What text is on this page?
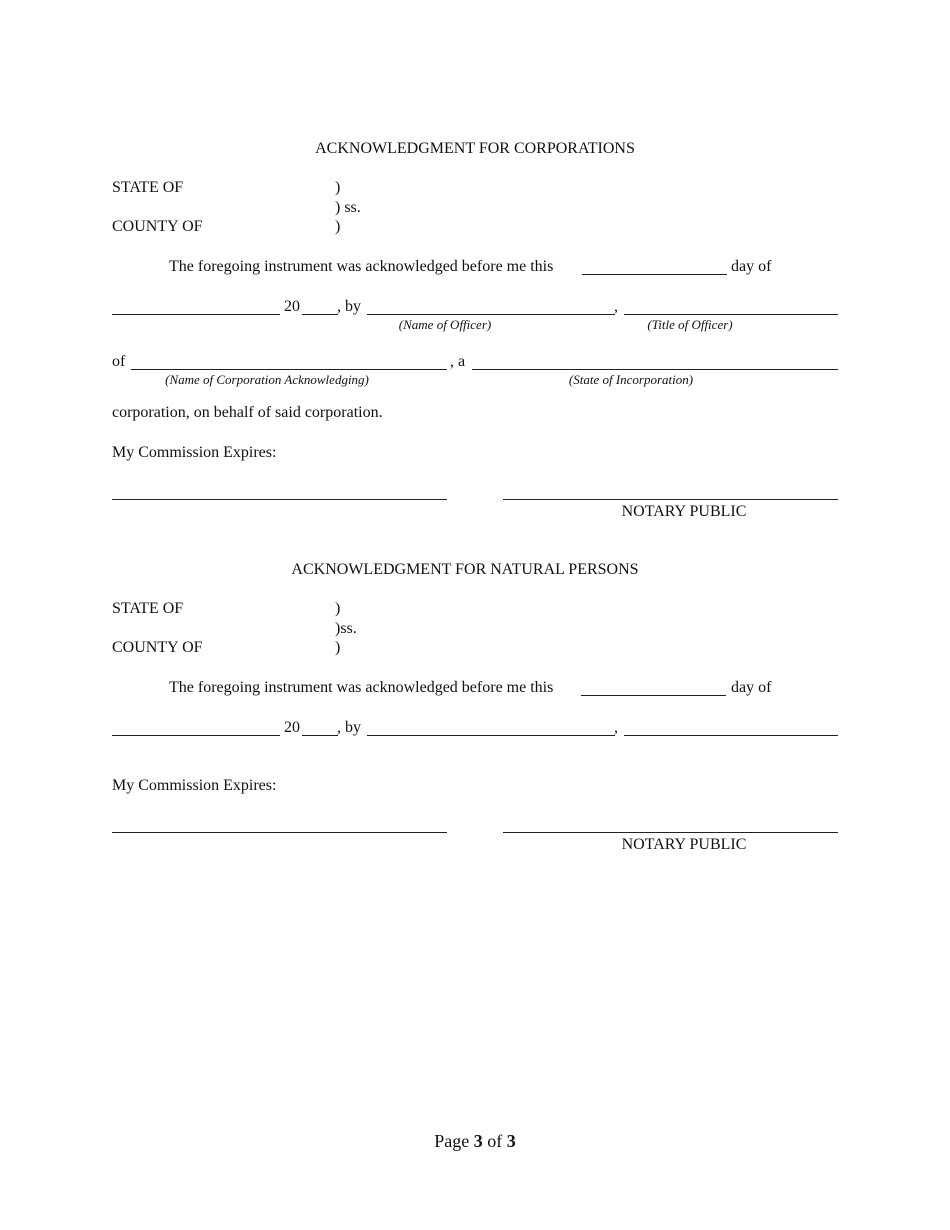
ACKNOWLEDGMENT FOR CORPORATIONS
STATE OF	)
) ss.
COUNTY OF	)
The foregoing instrument was acknowledged before me this	day of
20 , by	,
(Name of Officer)	(Title of Officer)
of	, a
(Name of Corporation Acknowledging)	(State of Incorporation)
corporation, on behalf of said corporation.
My Commission Expires:
NOTARY PUBLIC
ACKNOWLEDGMENT FOR NATURAL PERSONS
STATE OF	)
)ss.
COUNTY OF	)
The foregoing instrument was acknowledged before me this	day of
20 , by	,
My Commission Expires:
NOTARY PUBLIC
Page 3 of 3
